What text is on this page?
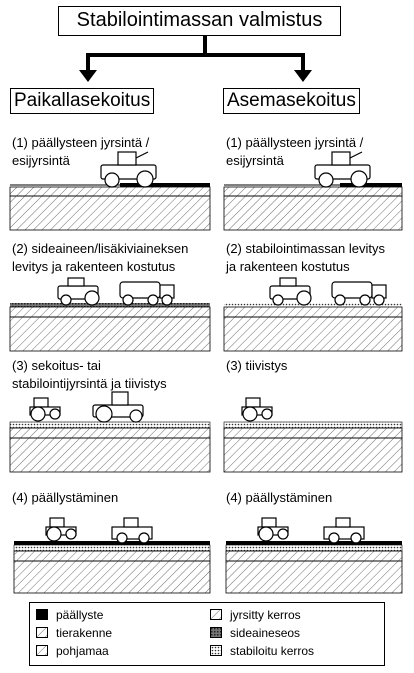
Stabilointimassan valmistus
Paikallasekoitus	Asemasekoitus
(1) päällysteen jyrsintä /
esijyrsintä
(2) sideaineen/lisäkiviaineksen
levitys ja rakenteen kostutus
(3) sekoitus- tai
stabilointijyrsintä ja tiivistys
(4) päällystäminen
(1) päällysteen jyrsintä /
esijyrsintä
(2) stabilointimassan levitys
ja rakenteen kostutus
(3) tiivistys
(4) päällystäminen
päällyste
tierakenne
pohjamaa
jyrsitty kerros
sideaineseos
stabiloitu kerros
